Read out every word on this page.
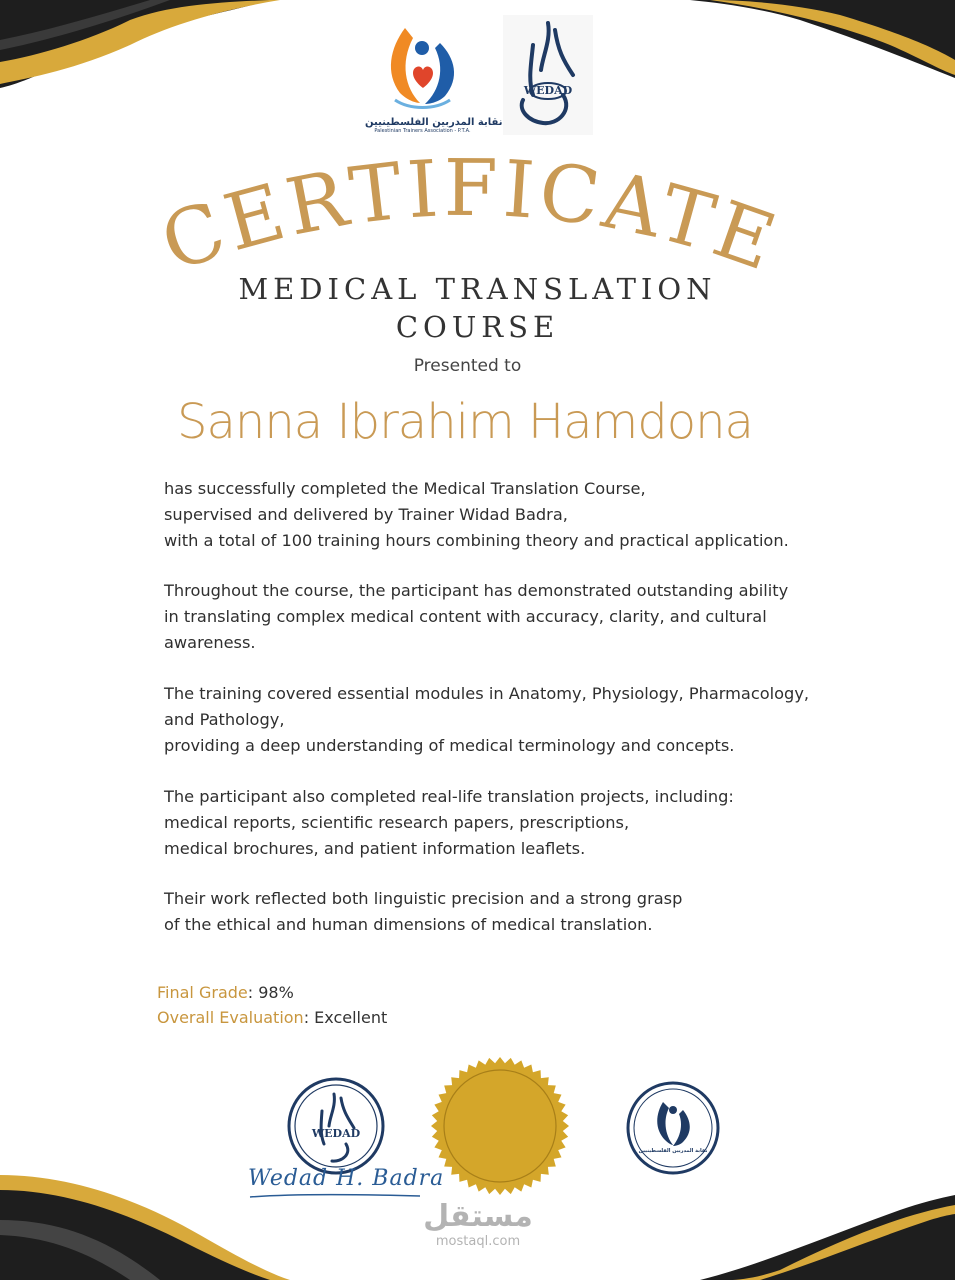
نقابة المدربين الفلسطينيين
Palestinian Trainers Association - P.T.A.
WEDAD
CERTIFICATE
MEDICAL TRANSLATION
COURSE
Presented to
Sanna Ibrahim Hamdona
has successfully completed the Medical Translation Course,
supervised and delivered by Trainer Widad Badra,
with a total of 100 training hours combining theory and practical application.
Throughout the course, the participant has demonstrated outstanding ability
in translating complex medical content with accuracy, clarity, and cultural
awareness.
The training covered essential modules in Anatomy, Physiology, Pharmacology,
and Pathology,
providing a deep understanding of medical terminology and concepts.
The participant also completed real-life translation projects, including:
medical reports, scientific research papers, prescriptions,
medical brochures, and patient information leaflets.
Their work reflected both linguistic precision and a strong grasp
of the ethical and human dimensions of medical translation.
Final Grade: 98%
Overall Evaluation: Excellent
WEDAD
Wedad H. Badra
نقابة المدربين الفلسطينيين
مستقل
mostaql.com
